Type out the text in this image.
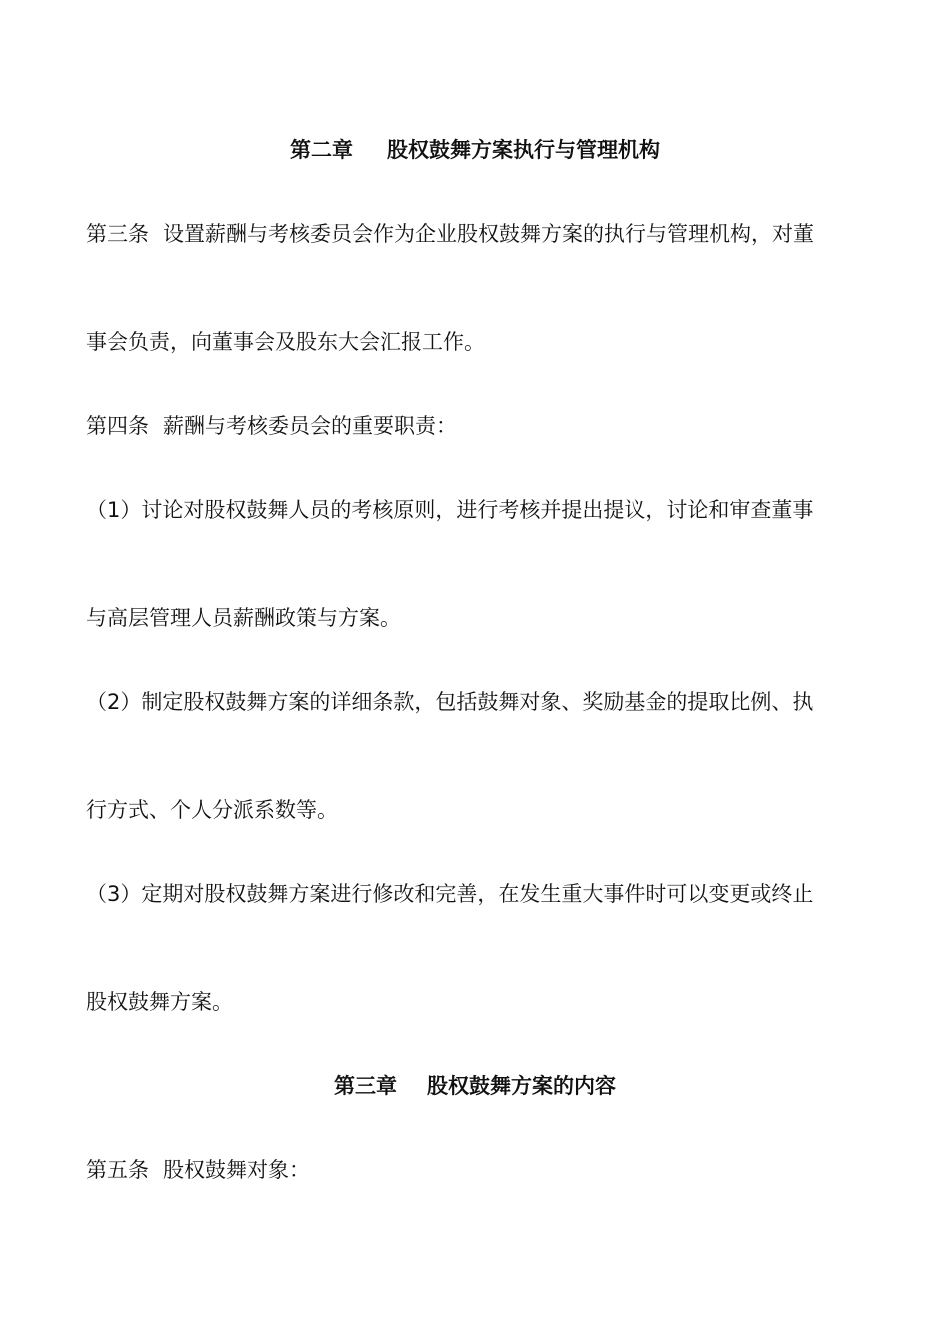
第二章 股权鼓舞方案执行与管理机构
第三条 设置薪酬与考核委员会作为企业股权鼓舞方案的执行与管理机构，对董
事会负责，向董事会及股东大会汇报工作。
第四条 薪酬与考核委员会的重要职责：
（1）讨论对股权鼓舞人员的考核原则，进行考核并提出提议，讨论和审查董事
与高层管理人员薪酬政策与方案。
（2）制定股权鼓舞方案的详细条款，包括鼓舞对象、奖励基金的提取比例、执
行方式、个人分派系数等。
（3）定期对股权鼓舞方案进行修改和完善，在发生重大事件时可以变更或终止
股权鼓舞方案。
第三章 股权鼓舞方案的内容
第五条 股权鼓舞对象：
